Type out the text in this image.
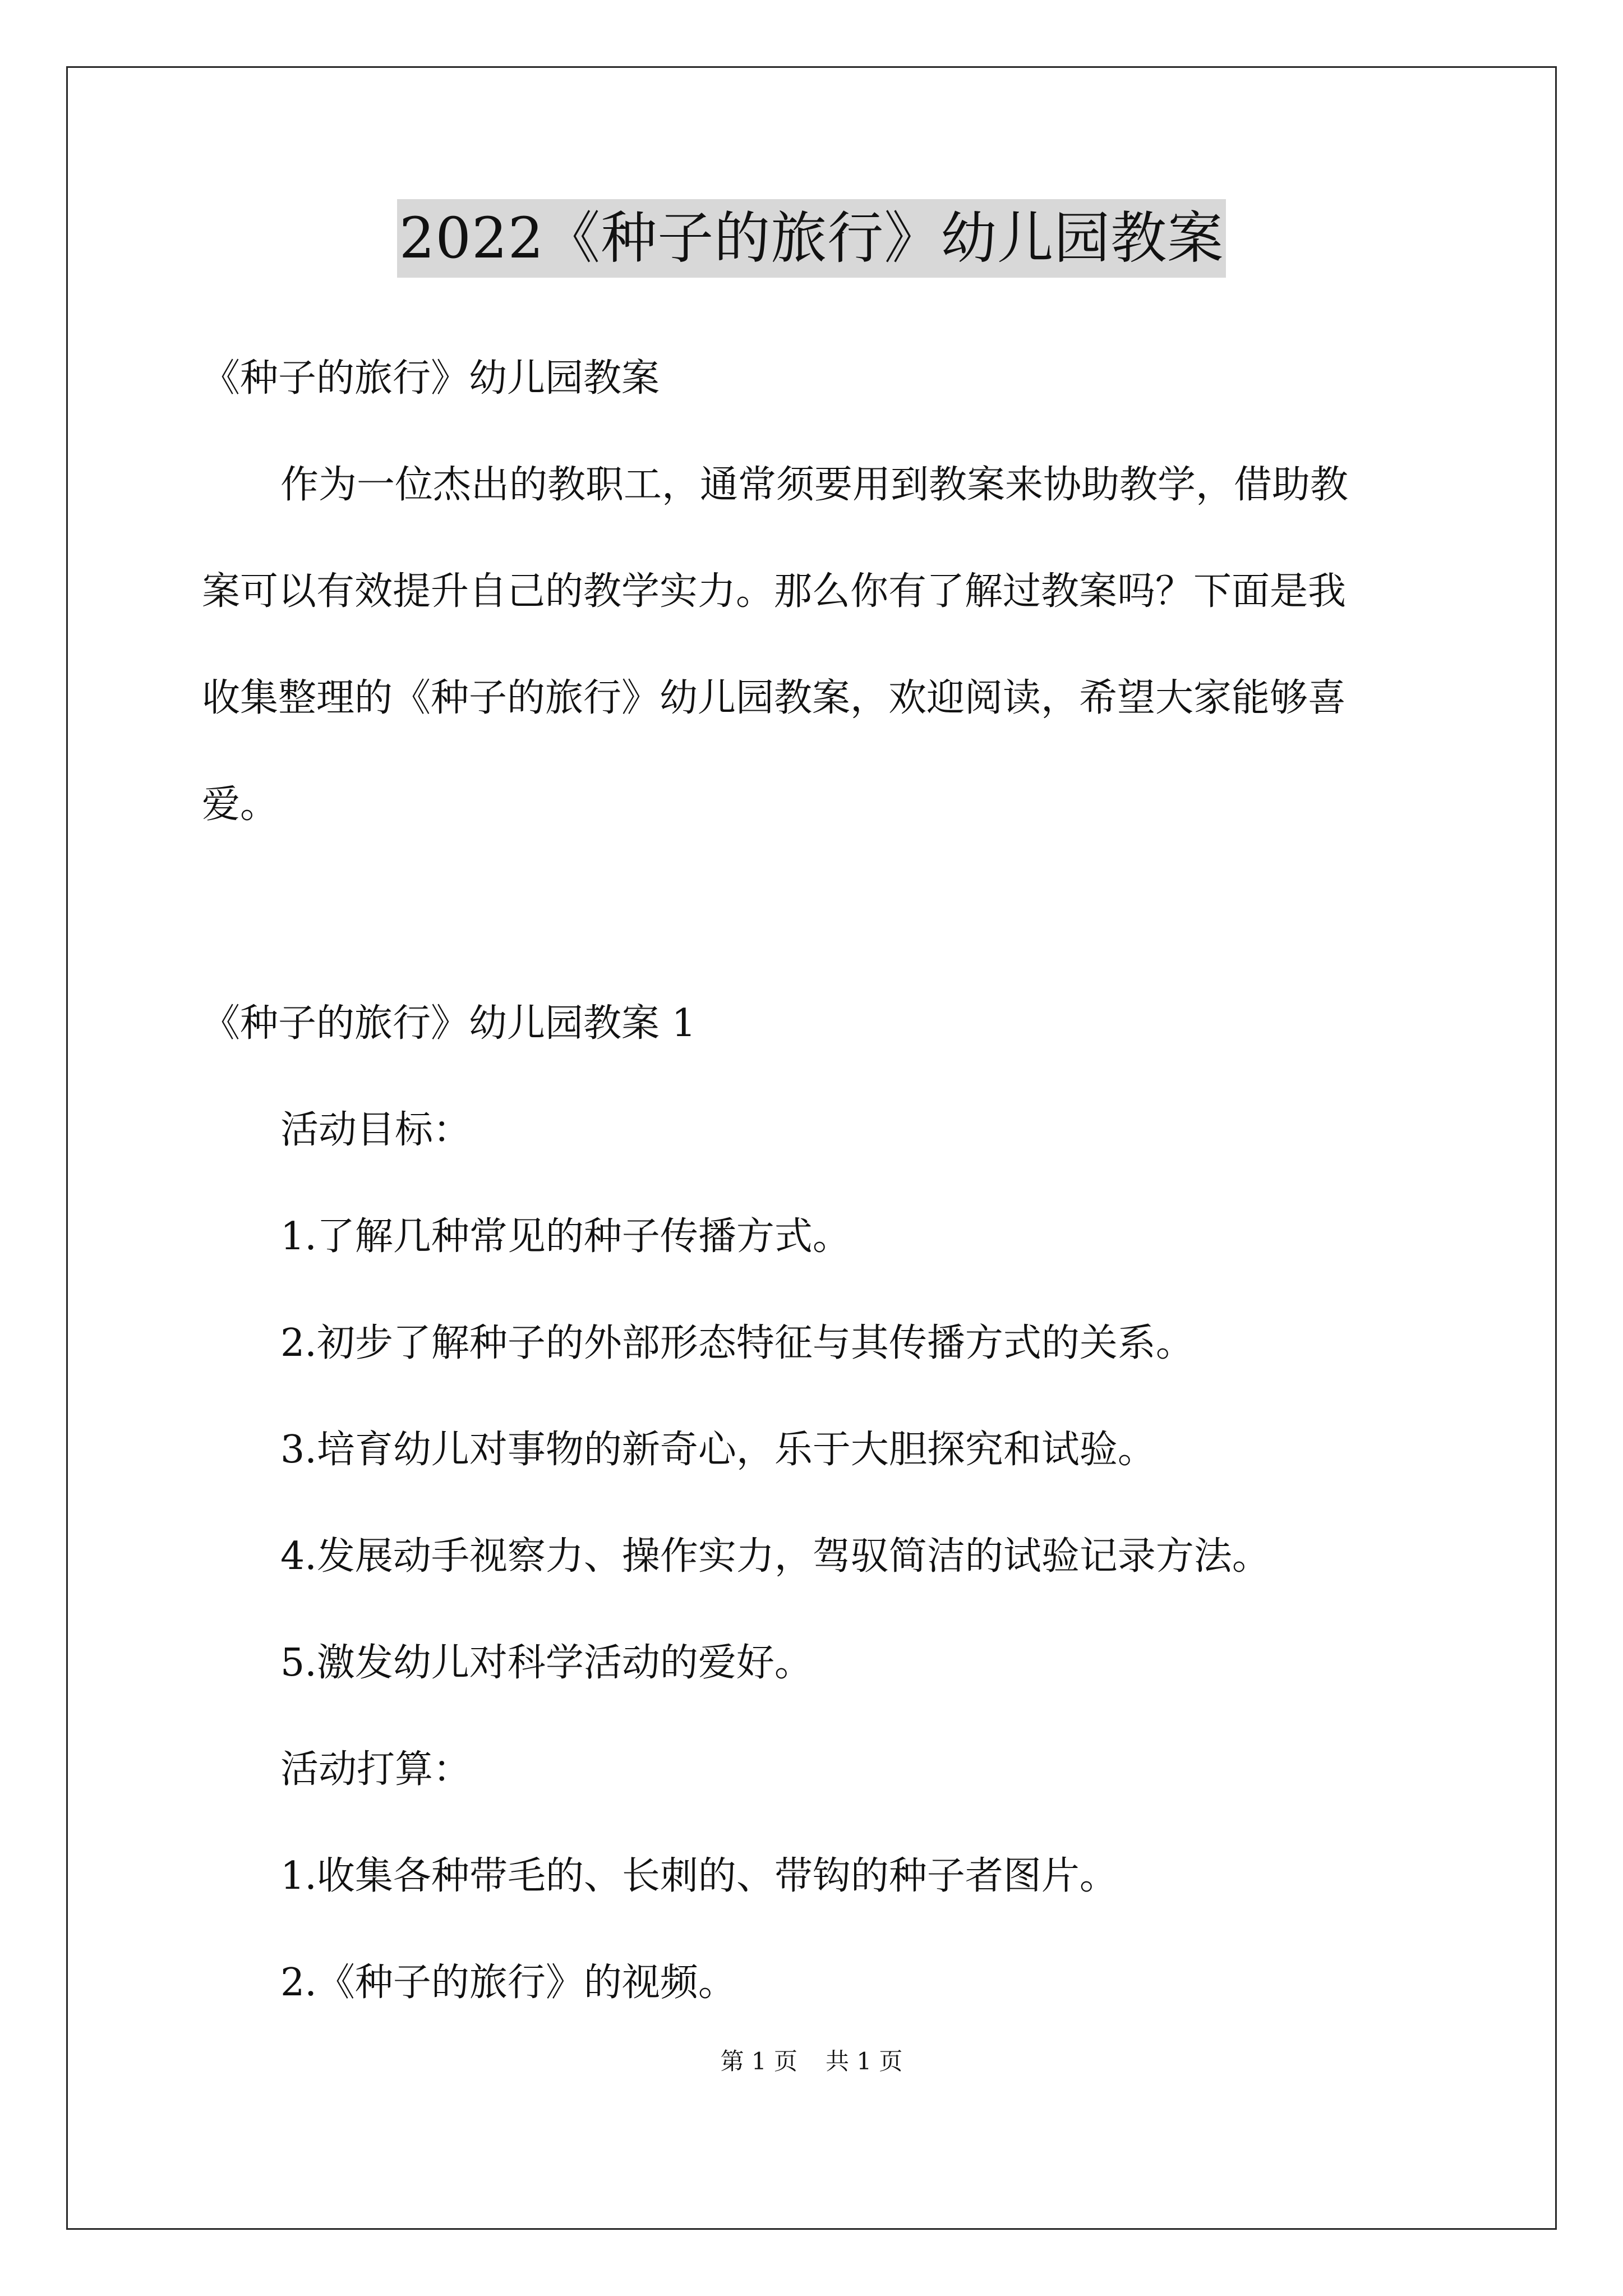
2022《种子的旅行》幼儿园教案
《种子的旅行》幼儿园教案
作为一位杰出的教职工，通常须要用到教案来协助教学，借助教
案可以有效提升自己的教学实力。那么你有了解过教案吗？下面是我
收集整理的《种子的旅行》幼儿园教案，欢迎阅读，希望大家能够喜
爱。
《种子的旅行》幼儿园教案 1
活动目标：
1.了解几种常见的种子传播方式。
2.初步了解种子的外部形态特征与其传播方式的关系。
3.培育幼儿对事物的新奇心，乐于大胆探究和试验。
4.发展动手视察力、操作实力，驾驭简洁的试验记录方法。
5.激发幼儿对科学活动的爱好。
活动打算：
1.收集各种带毛的、长刺的、带钩的种子者图片。
2.《种子的旅行》的视频。
第 1 页 共 1 页
